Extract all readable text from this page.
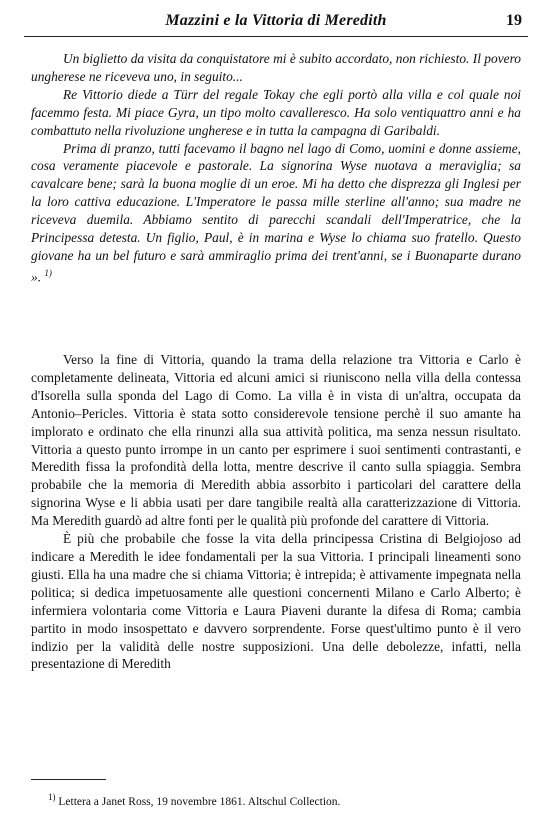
Mazzini e la Vittoria di Meredith	19

Un biglietto da visita da conquistatore mi è subito accordato, non richiesto. Il povero ungherese ne riceveva uno, in seguito...

Re Vittorio diede a Türr del regale Tokay che egli portò alla villa e col quale noi facemmo festa. Mi piace Gyra, un tipo molto cavalleresco. Ha solo ventiquattro anni e ha combattuto nella rivoluzione ungherese e in tutta la campagna di Garibaldi.

Prima di pranzo, tutti facevamo il bagno nel lago di Como, uomini e donne assieme, cosa veramente piacevole e pastorale. La signorina Wyse nuotava a meraviglia; sa cavalcare bene; sarà la buona moglie di un eroe. Mi ha detto che disprezza gli Inglesi per la loro cattiva educazione. L'Imperatore le passa mille sterline all'anno; sua madre ne riceveva duemila. Abbiamo sentito di parecchi scandali dell'Imperatrice, che la Principessa detesta. Un figlio, Paul, è in marina e Wyse lo chiama suo fratello. Questo giovane ha un bel futuro e sarà ammiraglio prima dei trent'anni, se i Buonaparte durano ». $^{1)}$

Verso la fine di Vittoria, quando la trama della relazione tra Vittoria e Carlo è completamente delineata, Vittoria ed alcuni amici si riuniscono nella villa della contessa d'Isorella sulla sponda del Lago di Como. La villa è in vista di un'altra, occupata da Antonio–Pericles. Vittoria è stata sotto considerevole tensione perchè il suo amante ha implorato e ordinato che ella rinunzi alla sua attività politica, ma senza nessun risultato. Vittoria a questo punto irrompe in un canto per esprimere i suoi sentimenti contrastanti, e Meredith fissa la profondità della lotta, mentre descrive il canto sulla spiaggia. Sembra probabile che la memoria di Meredith abbia assorbito i particolari del carattere della signorina Wyse e li abbia usati per dare tangibile realtà alla caratterizzazione di Vittoria. Ma Meredith guardò ad altre fonti per le qualità più profonde del carattere di Vittoria.

È più che probabile che fosse la vita della principessa Cristina di Belgiojoso ad indicare a Meredith le idee fondamentali per la sua Vittoria. I principali lineamenti sono giusti. Ella ha una madre che si chiama Vittoria; è intrepida; è attivamente impegnata nella politica; si dedica impetuosamente alle questioni concernenti Milano e Carlo Alberto; è infermiera volontaria come Vittoria e Laura Piaveni durante la difesa di Roma; cambia partito in modo insospettato e davvero sorprendente. Forse quest'ultimo punto è il vero indizio per la validità delle nostre supposizioni. Una delle debolezze, infatti, nella presentazione di Meredith

$^{1)}$ Lettera a Janet Ross, 19 novembre 1861. Altschul Collection.
